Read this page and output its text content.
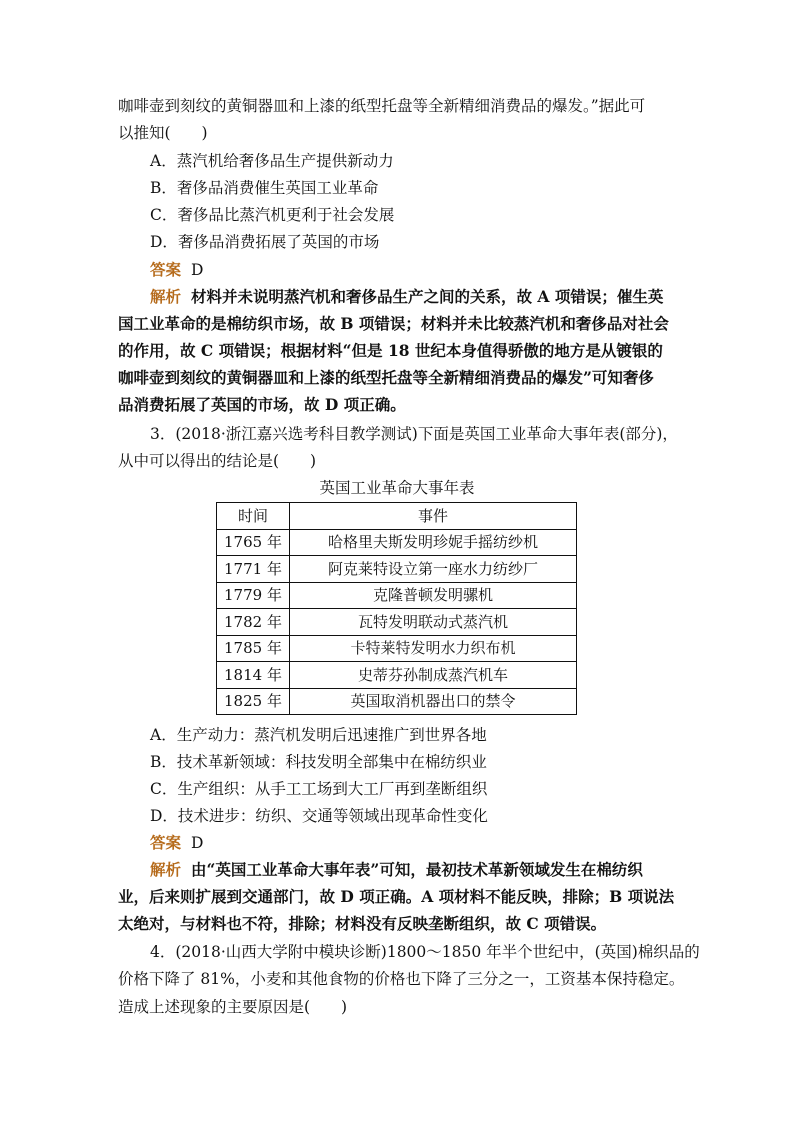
咖啡壶到刻纹的黄铜器皿和上漆的纸型托盘等全新精细消费品的爆发。”据此可
以推知(　　)
A．蒸汽机给奢侈品生产提供新动力
B．奢侈品消费催生英国工业革命
C．奢侈品比蒸汽机更利于社会发展
D．奢侈品消费拓展了英国的市场
答案 D
解析 材料并未说明蒸汽机和奢侈品生产之间的关系，故 A 项错误；催生英
国工业革命的是棉纺织市场，故 B 项错误；材料并未比较蒸汽机和奢侈品对社会
的作用，故 C 项错误；根据材料“但是 18 世纪本身值得骄傲的地方是从镀银的
咖啡壶到刻纹的黄铜器皿和上漆的纸型托盘等全新精细消费品的爆发”可知奢侈
品消费拓展了英国的市场，故 D 项正确。
3．(2018·浙江嘉兴选考科目教学测试)下面是英国工业革命大事年表(部分)，
从中可以得出的结论是(　　)
英国工业革命大事年表
时间	事件
1765 年	哈格里夫斯发明珍妮手摇纺纱机
1771 年	阿克莱特设立第一座水力纺纱厂
1779 年	克隆普顿发明骡机
1782 年	瓦特发明联动式蒸汽机
1785 年	卡特莱特发明水力织布机
1814 年	史蒂芬孙制成蒸汽机车
1825 年	英国取消机器出口的禁令
A．生产动力：蒸汽机发明后迅速推广到世界各地
B．技术革新领域：科技发明全部集中在棉纺织业
C．生产组织：从手工工场到大工厂再到垄断组织
D．技术进步：纺织、交通等领域出现革命性变化
答案 D
解析 由“英国工业革命大事年表”可知，最初技术革新领域发生在棉纺织
业，后来则扩展到交通部门，故 D 项正确。A 项材料不能反映，排除；B 项说法
太绝对，与材料也不符，排除；材料没有反映垄断组织，故 C 项错误。
4．(2018·山西大学附中模块诊断)1800～1850 年半个世纪中，(英国)棉织品的
价格下降了 81%，小麦和其他食物的价格也下降了三分之一，工资基本保持稳定。
造成上述现象的主要原因是(　　)
